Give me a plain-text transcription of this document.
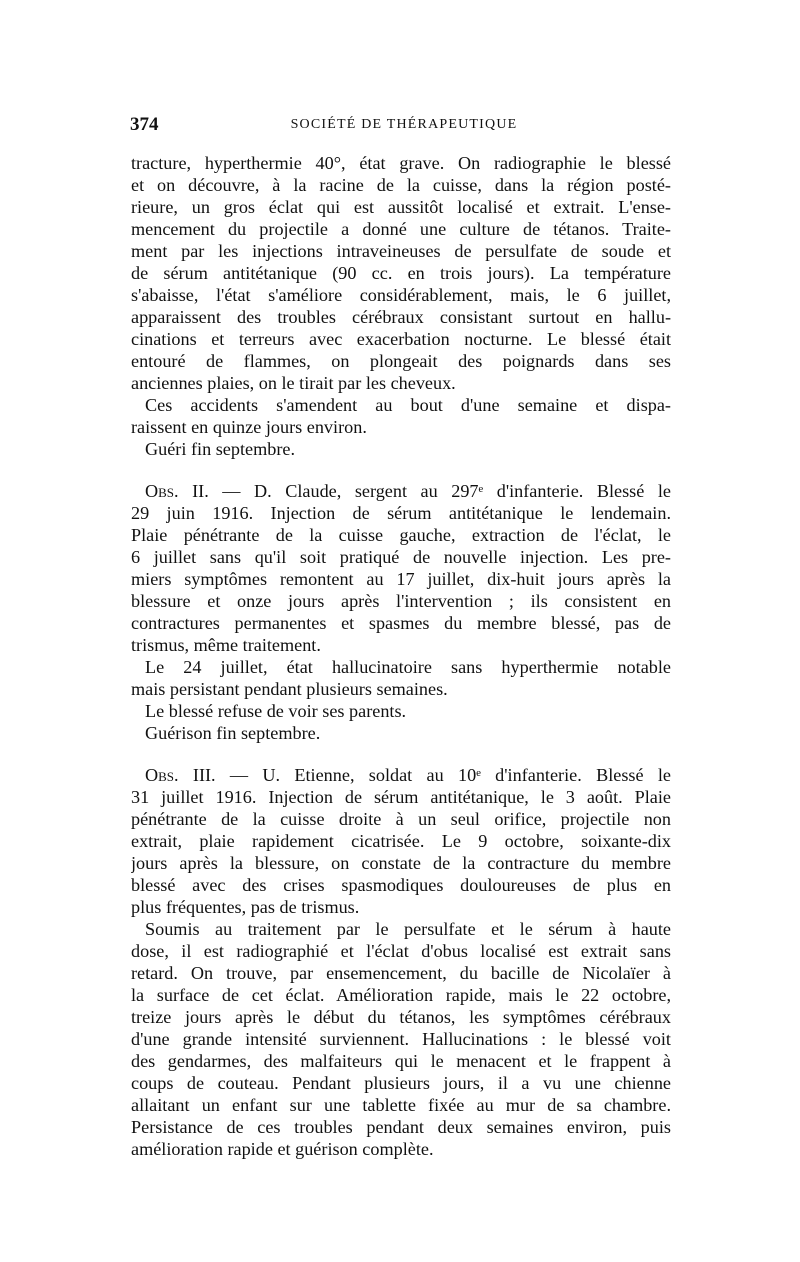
374	SOCIÉTÉ DE THÉRAPEUTIQUE
tracture, hyperthermie 40°, état grave. On radiographie le blessé
et on découvre, à la racine de la cuisse, dans la région posté-
rieure, un gros éclat qui est aussitôt localisé et extrait. L'ense-
mencement du projectile a donné une culture de tétanos. Traite-
ment par les injections intraveineuses de persulfate de soude et
de sérum antitétanique (90 cc. en trois jours). La température
s'abaisse, l'état s'améliore considérablement, mais, le 6 juillet,
apparaissent des troubles cérébraux consistant surtout en hallu-
cinations et terreurs avec exacerbation nocturne. Le blessé était
entouré de flammes, on plongeait des poignards dans ses
anciennes plaies, on le tirait par les cheveux.
Ces accidents s'amendent au bout d'une semaine et dispa-
raissent en quinze jours environ.
Guéri fin septembre.
Obs. II. — D. Claude, sergent au 297ᵉ d'infanterie. Blessé le
29 juin 1916. Injection de sérum antitétanique le lendemain.
Plaie pénétrante de la cuisse gauche, extraction de l'éclat, le
6 juillet sans qu'il soit pratiqué de nouvelle injection. Les pre-
miers symptômes remontent au 17 juillet, dix-huit jours après la
blessure et onze jours après l'intervention ; ils consistent en
contractures permanentes et spasmes du membre blessé, pas de
trismus, même traitement.
Le 24 juillet, état hallucinatoire sans hyperthermie notable
mais persistant pendant plusieurs semaines.
Le blessé refuse de voir ses parents.
Guérison fin septembre.
Obs. III. — U. Etienne, soldat au 10ᵉ d'infanterie. Blessé le
31 juillet 1916. Injection de sérum antitétanique, le 3 août. Plaie
pénétrante de la cuisse droite à un seul orifice, projectile non
extrait, plaie rapidement cicatrisée. Le 9 octobre, soixante-dix
jours après la blessure, on constate de la contracture du membre
blessé avec des crises spasmodiques douloureuses de plus en
plus fréquentes, pas de trismus.
Soumis au traitement par le persulfate et le sérum à haute
dose, il est radiographié et l'éclat d'obus localisé est extrait sans
retard. On trouve, par ensemencement, du bacille de Nicolaïer à
la surface de cet éclat. Amélioration rapide, mais le 22 octobre,
treize jours après le début du tétanos, les symptômes cérébraux
d'une grande intensité surviennent. Hallucinations : le blessé voit
des gendarmes, des malfaiteurs qui le menacent et le frappent à
coups de couteau. Pendant plusieurs jours, il a vu une chienne
allaitant un enfant sur une tablette fixée au mur de sa chambre.
Persistance de ces troubles pendant deux semaines environ, puis
amélioration rapide et guérison complète.
